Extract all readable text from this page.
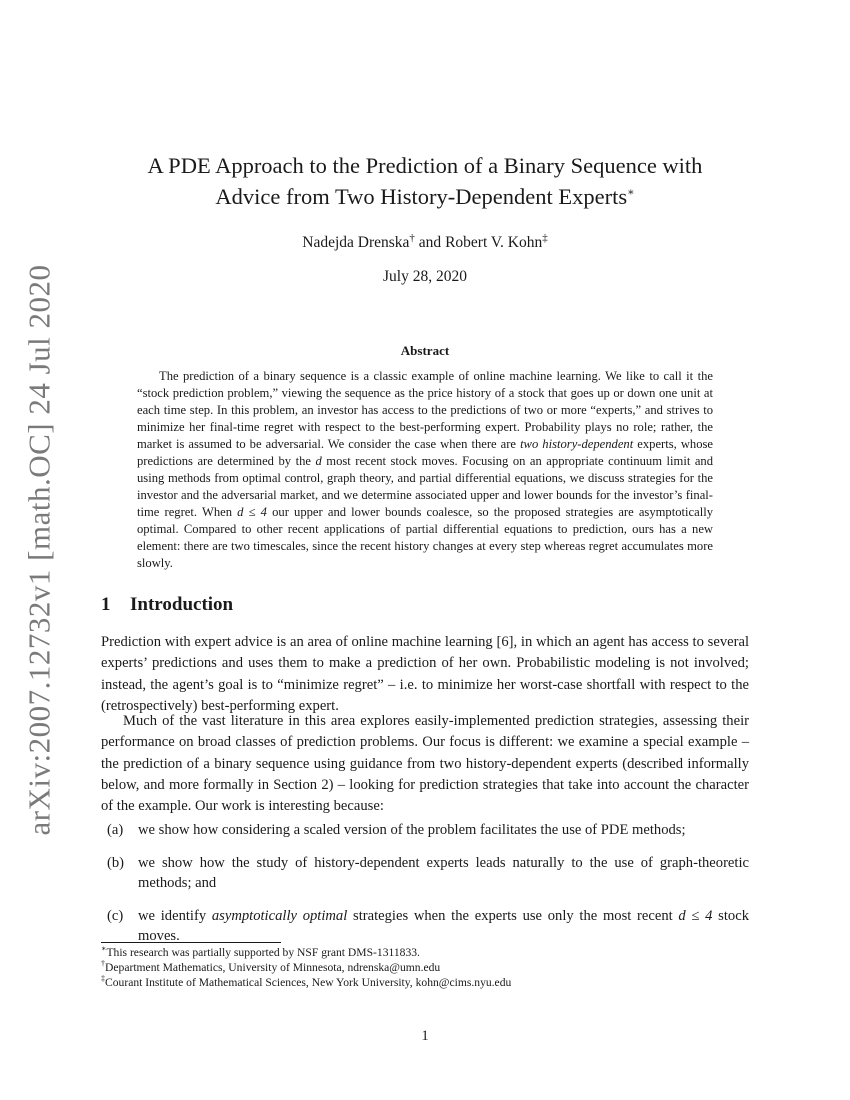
arXiv:2007.12732v1 [math.OC] 24 Jul 2020
A PDE Approach to the Prediction of a Binary Sequence with
Advice from Two History-Dependent Experts∗
Nadejda Drenska† and Robert V. Kohn‡
July 28, 2020
Abstract

The prediction of a binary sequence is a classic example of online machine learning. We like to call it the “stock prediction problem,” viewing the sequence as the price history of a stock that goes up or down one unit at each time step. In this problem, an investor has access to the predictions of two or more “experts,” and strives to minimize her final-time regret with respect to the best-performing expert. Probability plays no role; rather, the market is assumed to be adversarial. We consider the case when there are two history-dependent experts, whose predictions are determined by the d most recent stock moves. Focusing on an appropriate continuum limit and using methods from optimal control, graph theory, and partial differential equations, we discuss strategies for the investor and the adversarial market, and we determine associated upper and lower bounds for the investor’s final-time regret. When d ≤ 4 our upper and lower bounds coalesce, so the proposed strategies are asymptotically optimal. Compared to other recent applications of partial differential equations to prediction, ours has a new element: there are two timescales, since the recent history changes at every step whereas regret accumulates more slowly.

1 Introduction

Prediction with expert advice is an area of online machine learning [6], in which an agent has access to several experts’ predictions and uses them to make a prediction of her own. Probabilistic modeling is not involved; instead, the agent’s goal is to “minimize regret” – i.e. to minimize her worst-case shortfall with respect to the (retrospectively) best-performing expert.

Much of the vast literature in this area explores easily-implemented prediction strategies, assessing their performance on broad classes of prediction problems. Our focus is different: we examine a special example – the prediction of a binary sequence using guidance from two history-dependent experts (described informally below, and more formally in Section 2) – looking for prediction strategies that take into account the character of the example. Our work is interesting because:

(a)	we show how considering a scaled version of the problem facilitates the use of PDE methods;
(b) we show how the study of history-dependent experts leads naturally to the use of graph-theoretic methods; and
(c)	we identify asymptotically optimal strategies when the experts use only the most recent d ≤ 4 stock moves.
∗This research was partially supported by NSF grant DMS-1311833.
†Department Mathematics, University of Minnesota, ndrenska@umn.edu
‡Courant Institute of Mathematical Sciences, New York University, kohn@cims.nyu.edu
1
